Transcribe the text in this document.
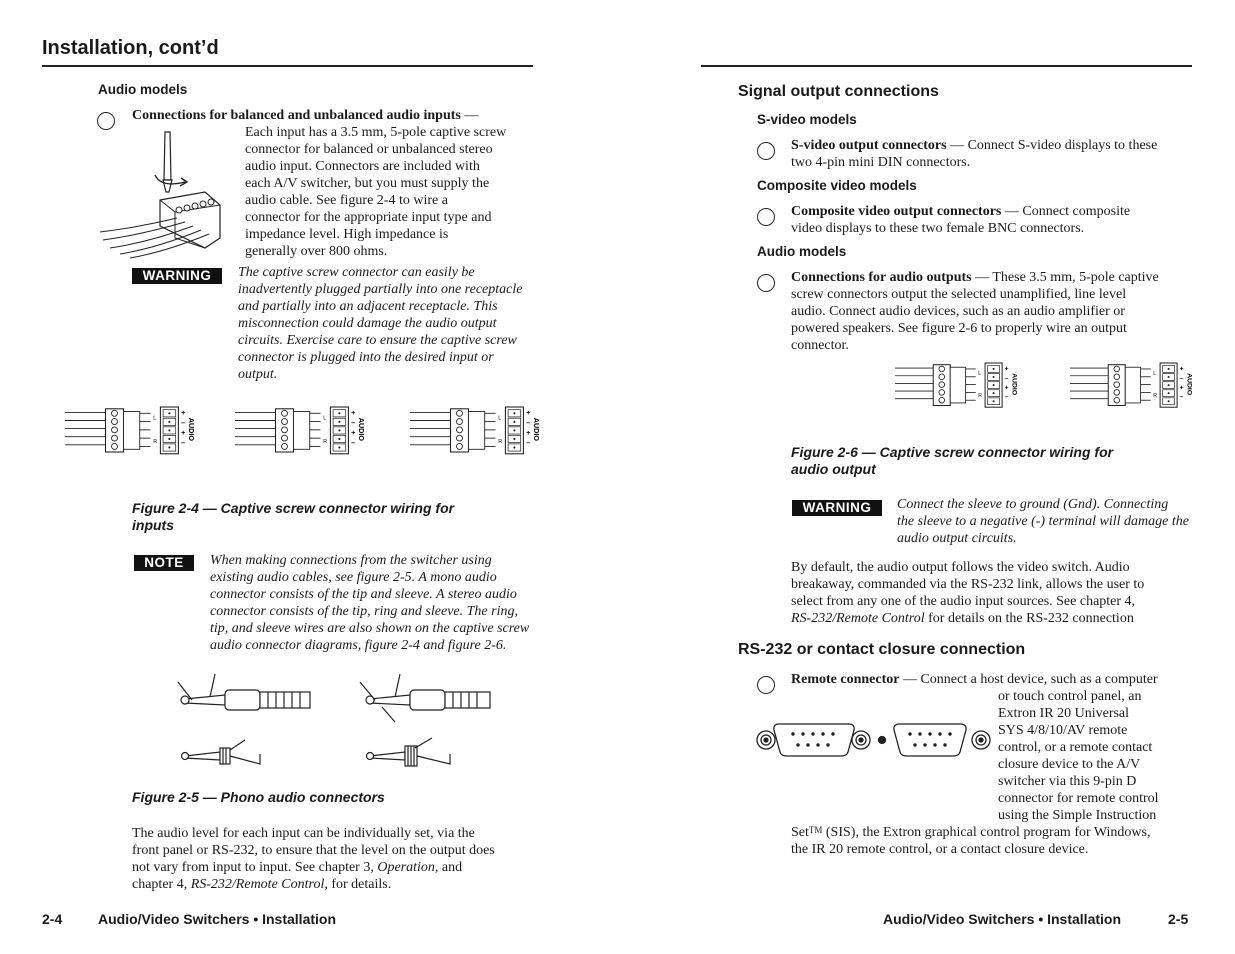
Installation, cont’d
Audio models
Connections for balanced and unbalanced audio inputs —
Each input has a 3.5 mm, 5-pole captive screw
connector for balanced or unbalanced stereo
audio input. Connectors are included with
each A/V switcher, but you must supply the
audio cable. See figure 2-4 to wire a
connector for the appropriate input type and
impedance level. High impedance is
generally over 800 ohms.
WARNING	The captive screw connector can easily be
inadvertently plugged partially into one receptacle
and partially into an adjacent receptacle. This
misconnection could damage the audio output
circuits. Exercise care to ensure the captive screw
connector is plugged into the desired input or
output.
L
R
+
–
+
–
AUDIO	L
R
+
–
+
–
AUDIO	L
R
+
–
+
–
AUDIO
Figure 2-4 — Captive screw connector wiring for
inputs
NOTE	When making connections from the switcher using
existing audio cables, see figure 2-5. A mono audio
connector consists of the tip and sleeve. A stereo audio
connector consists of the tip, ring and sleeve. The ring,
tip, and sleeve wires are also shown on the captive screw
audio connector diagrams, figure 2-4 and figure 2-6.
Figure 2-5 — Phono audio connectors
The audio level for each input can be individually set, via the
front panel or RS-232, to ensure that the level on the output does
not vary from input to input. See chapter 3, Operation, and
chapter 4, RS-232/Remote Control, for details.
2-4	Audio/Video Switchers • Installation
Signal output connections
S-video models
S-video output connectors — Connect S-video displays to these
two 4-pin mini DIN connectors.
Composite video models
Composite video output connectors — Connect composite
video displays to these two female BNC connectors.
Audio models
Connections for audio outputs — These 3.5 mm, 5-pole captive
screw connectors output the selected unamplified, line level
audio. Connect audio devices, such as an audio amplifier or
powered speakers. See figure 2-6 to properly wire an output
connector.
L
R
+
–
+
–
AUDIO	L
R
+
–
+
–
AUDIO
Figure 2-6 — Captive screw connector wiring for
audio output
WARNING	Connect the sleeve to ground (Gnd). Connecting
the sleeve to a negative (-) terminal will damage the
audio output circuits.
By default, the audio output follows the video switch. Audio
breakaway, commanded via the RS-232 link, allows the user to
select from any one of the audio input sources. See chapter 4,
RS-232/Remote Control for details on the RS-232 connection
RS-232 or contact closure connection
Remote connector — Connect a host device, such as a computer
or touch control panel, an
Extron IR 20 Universal
SYS 4/8/10/AV remote
control, or a remote contact
closure device to the A/V
switcher via this 9-pin D
connector for remote control
using the Simple Instruction
Set™ (SIS), the Extron graphical control program for Windows,
the IR 20 remote control, or a contact closure device.
Audio/Video Switchers • Installation	2-5
